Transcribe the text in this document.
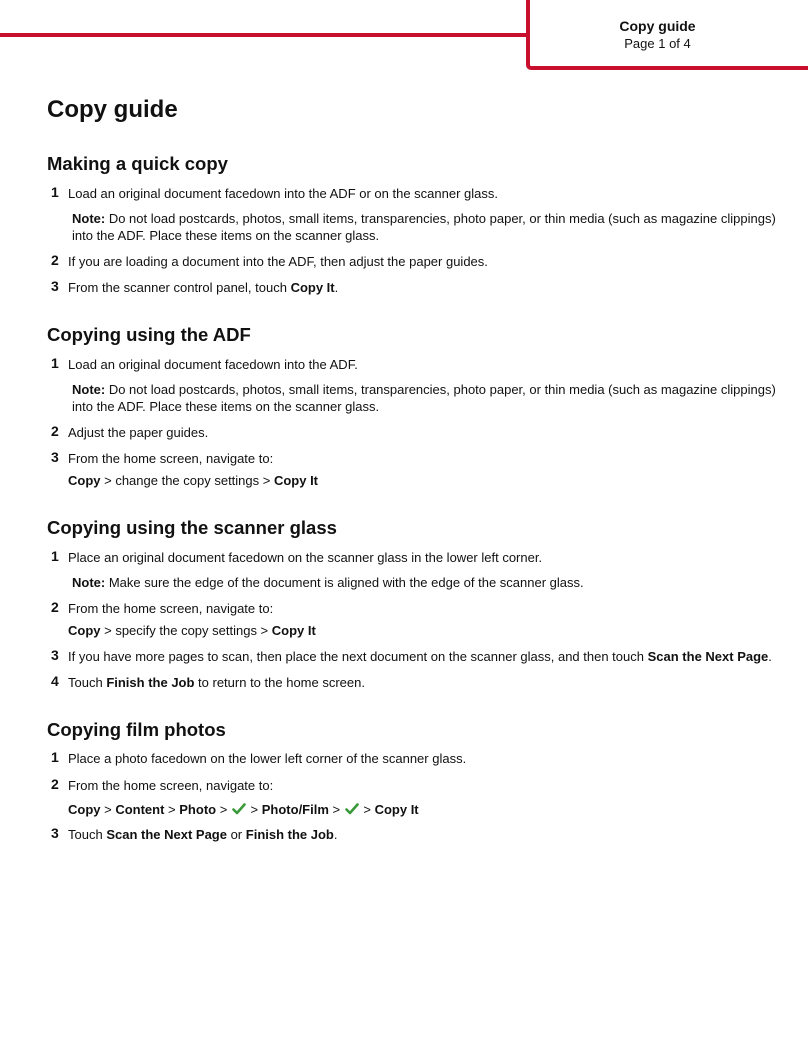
Copy guide
Page 1 of 4
Copy guide
Making a quick copy
1 Load an original document facedown into the ADF or on the scanner glass.
Note: Do not load postcards, photos, small items, transparencies, photo paper, or thin media (such as magazine clippings)
into the ADF. Place these items on the scanner glass.
2 If you are loading a document into the ADF, then adjust the paper guides.
3 From the scanner control panel, touch Copy It.
Copying using the ADF
1 Load an original document facedown into the ADF.
Note: Do not load postcards, photos, small items, transparencies, photo paper, or thin media (such as magazine clippings)
into the ADF. Place these items on the scanner glass.
2 Adjust the paper guides.
3 From the home screen, navigate to:
Copy > change the copy settings > Copy It
Copying using the scanner glass
1 Place an original document facedown on the scanner glass in the lower left corner.
Note: Make sure the edge of the document is aligned with the edge of the scanner glass.
2 From the home screen, navigate to:
Copy > specify the copy settings > Copy It
3 If you have more pages to scan, then place the next document on the scanner glass, and then touch Scan the Next Page.
4 Touch Finish the Job to return to the home screen.
Copying film photos
1 Place a photo facedown on the lower left corner of the scanner glass.
2 From the home screen, navigate to:
Copy > Content > Photo >  > Photo/Film >  > Copy It
3 Touch Scan the Next Page or Finish the Job.
